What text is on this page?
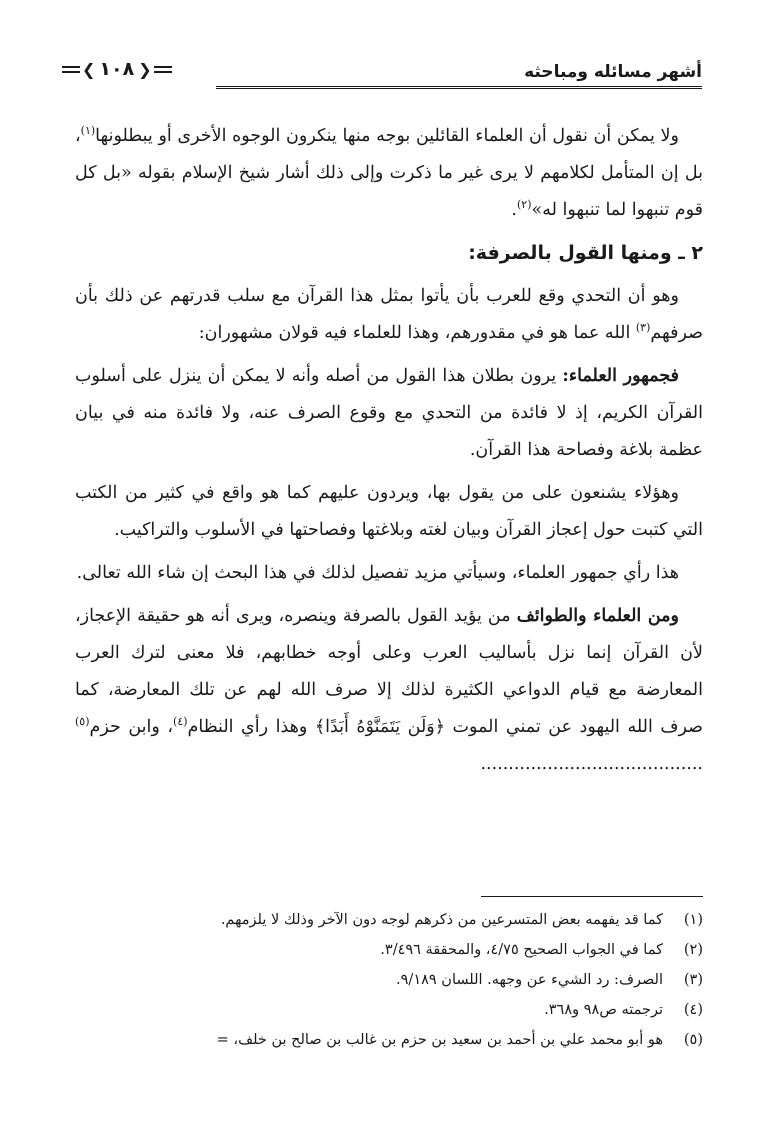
أشهر مسائله ومباحثه
❮ ١٠٨ ❯

ولا يمكن أن نقول أن العلماء القائلين بوجه منها ينكرون الوجوه الأخرى أو يبطلونها$^{(١)}$، بل إن المتأمل لكلامهم لا يرى غير ما ذكرت وإلى ذلك أشار شيخ الإسلام بقوله «بل كل قوم تنبهوا لما تنبهوا له»$^{(٢)}$.

٢ ـ ومنها القول بالصرفة:

وهو أن التحدي وقع للعرب بأن يأتوا بمثل هذا القرآن مع سلب قدرتهم عن ذلك بأن صرفهم$^{(٣)}$ الله عما هو في مقدورهم، وهذا للعلماء فيه قولان مشهوران:

فجمهور العلماء: يرون بطلان هذا القول من أصله وأنه لا يمكن أن ينزل على أسلوب القرآن الكريم، إذ لا فائدة من التحدي مع وقوع الصرف عنه، ولا فائدة منه في بيان عظمة بلاغة وفصاحة هذا القرآن.

وهؤلاء يشنعون على من يقول بها، ويردون عليهم كما هو واقع في كثير من الكتب التي كتبت حول إعجاز القرآن وبيان لغته وبلاغتها وفصاحتها في الأسلوب والتراكيب.

هذا رأي جمهور العلماء، وسيأتي مزيد تفصيل لذلك في هذا البحث إن شاء الله تعالى.

ومن العلماء والطوائف من يؤيد القول بالصرفة وينصره، ويرى أنه هو حقيقة الإعجاز، لأن القرآن إنما نزل بأساليب العرب وعلى أوجه خطابهم، فلا معنى لترك العرب المعارضة مع قيام الدواعي الكثيرة لذلك إلا صرف الله لهم عن تلك المعارضة، كما صرف الله اليهود عن تمني الموت ﴿وَلَن يَتَمَنَّوْهُ أَبَدًا﴾ وهذا رأي النظام$^{(٤)}$، وابن حزم$^{(٥)}$ ........................................

(١)
كما قد يفهمه بعض المتسرعين من ذكرهم لوجه دون الآخر وذلك لا يلزمهم.
(٢)
كما في الجواب الصحيح ٤/٧٥، والمحققة ٣/٤٩٦.
(٣)
الصرف: رد الشيء عن وجهه. اللسان ٩/١٨٩.
(٤)
ترجمته ص٩٨ و٣٦٨.
(٥)
هو أبو محمد علي بن أحمد بن سعيد بن حزم بن غالب بن صالح بن خلف، =
